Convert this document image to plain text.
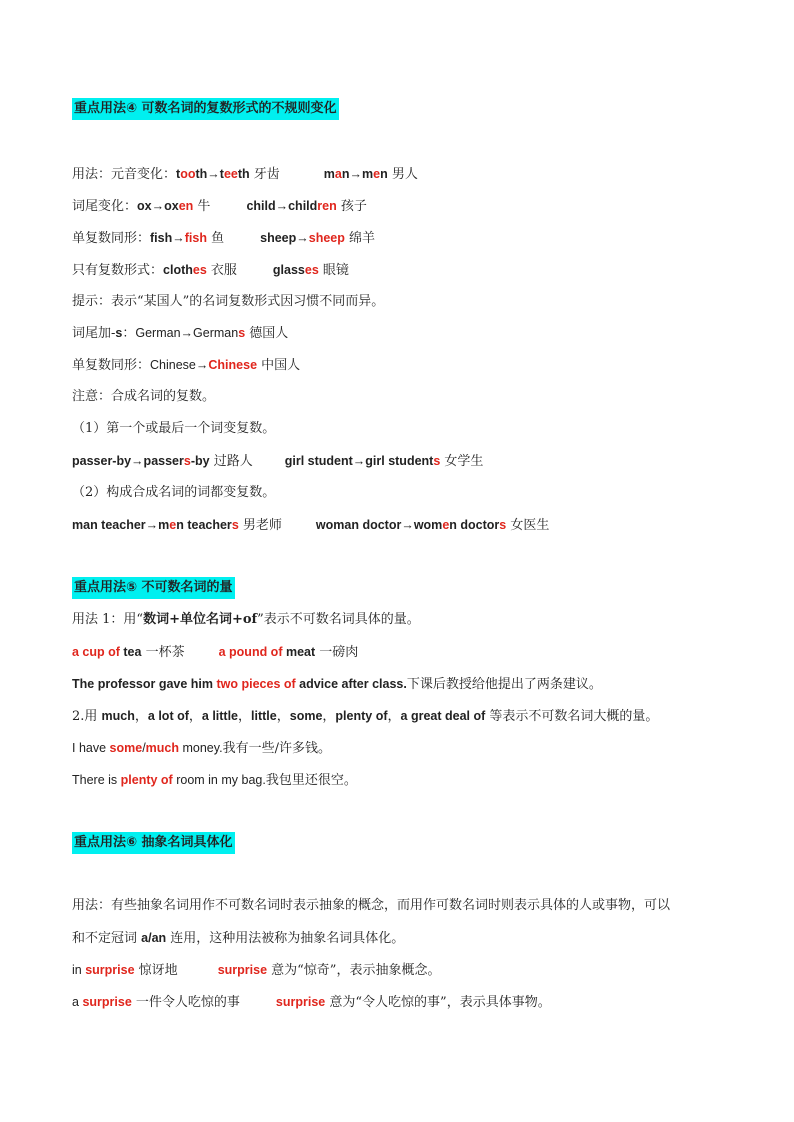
重点用法④ 可数名词的复数形式的不规则变化
用法：元音变化：tooth→teeth 牙齿	man→men 男人
词尾变化：ox→oxen 牛	child→children 孩子
单复数同形：fish→fish 鱼	sheep→sheep 绵羊
只有复数形式：clothes 衣服	glasses 眼镜
提示：表示“某国人”的名词复数形式因习惯不同而异。
词尾加-s：German→Germans 德国人
单复数同形：Chinese→Chinese 中国人
注意：合成名词的复数。
（1）第一个或最后一个词变复数。
passer-by→passers-by 过路人	girl student→girl students 女学生
（2）构成合成名词的词都变复数。
man teacher→men teachers 男老师	woman doctor→women doctors 女医生
重点用法⑤ 不可数名词的量
用法 1：用“数词+单位名词+of”表示不可数名词具体的量。
a cup of tea 一杯茶	a pound of meat 一磅肉
The professor gave him two pieces of advice after class.下课后教授给他提出了两条建议。
2.用 much，a lot of，a little，little，some，plenty of，a great deal of 等表示不可数名词大概的量。
I have some/much money.我有一些/许多钱。
There is plenty of room in my bag.我包里还很空。
重点用法⑥ 抽象名词具体化
用法：有些抽象名词用作不可数名词时表示抽象的概念，而用作可数名词时则表示具体的人或事物，可以
和不定冠词 a/an 连用，这种用法被称为抽象名词具体化。
in surprise 惊讶地	surprise 意为“惊奇”，表示抽象概念。
a surprise 一件令人吃惊的事	surprise 意为“令人吃惊的事”，表示具体事物。
